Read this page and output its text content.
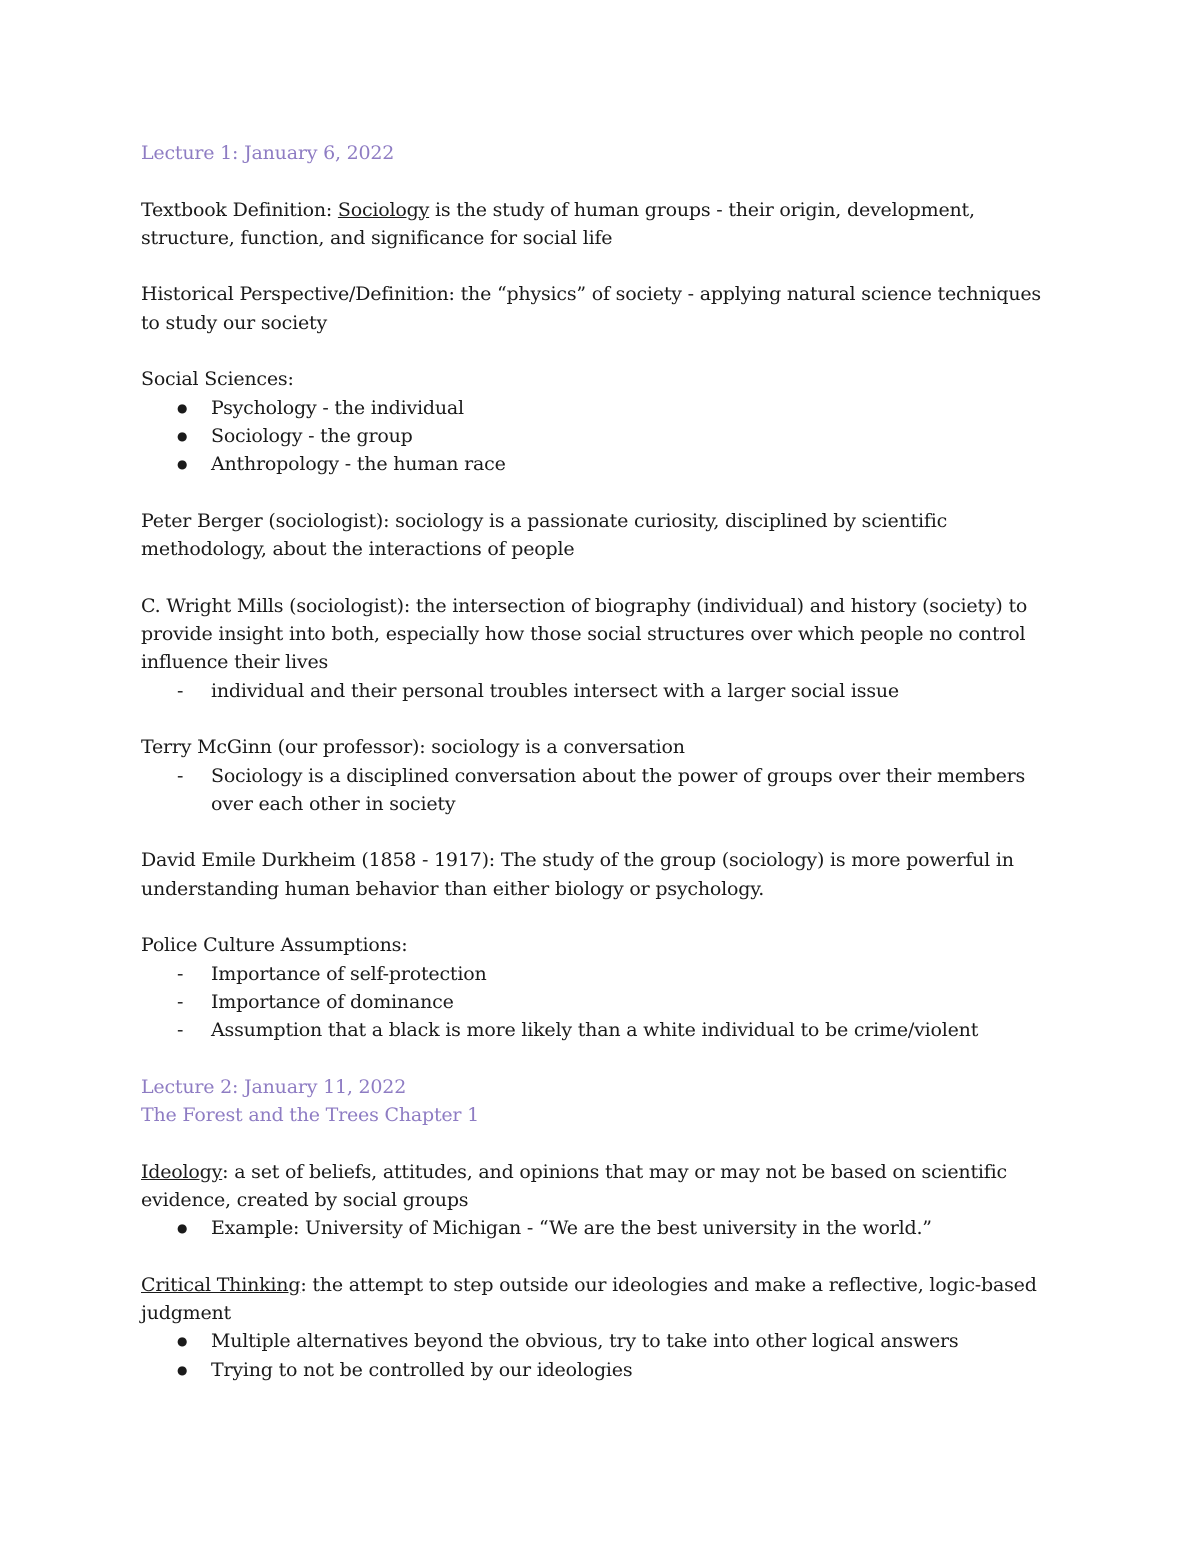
Lecture 1: January 6, 2022

Textbook Definition: Sociology is the study of human groups - their origin, development, structure, function, and significance for social life

Historical Perspective/Definition: the “physics” of society - applying natural science techniques to study our society

Social Sciences:

● Psychology - the individual
● Sociology - the group
● Anthropology - the human race

Peter Berger (sociologist): sociology is a passionate curiosity, disciplined by scientific methodology, about the interactions of people

C. Wright Mills (sociologist): the intersection of biography (individual) and history (society) to provide insight into both, especially how those social structures over which people no control influence their lives

- individual and their personal troubles intersect with a larger social issue

Terry McGinn (our professor): sociology is a conversation

- Sociology is a disciplined conversation about the power of groups over their members over each other in society

David Emile Durkheim (1858 - 1917): The study of the group (sociology) is more powerful in understanding human behavior than either biology or psychology.

Police Culture Assumptions:

- Importance of self-protection
- Importance of dominance
- Assumption that a black is more likely than a white individual to be crime/violent

Lecture 2: January 11, 2022

The Forest and the Trees Chapter 1

Ideology: a set of beliefs, attitudes, and opinions that may or may not be based on scientific evidence, created by social groups

● Example: University of Michigan - “We are the best university in the world.”

Critical Thinking: the attempt to step outside our ideologies and make a reflective, logic-based judgment

● Multiple alternatives beyond the obvious, try to take into other logical answers
● Trying to not be controlled by our ideologies
